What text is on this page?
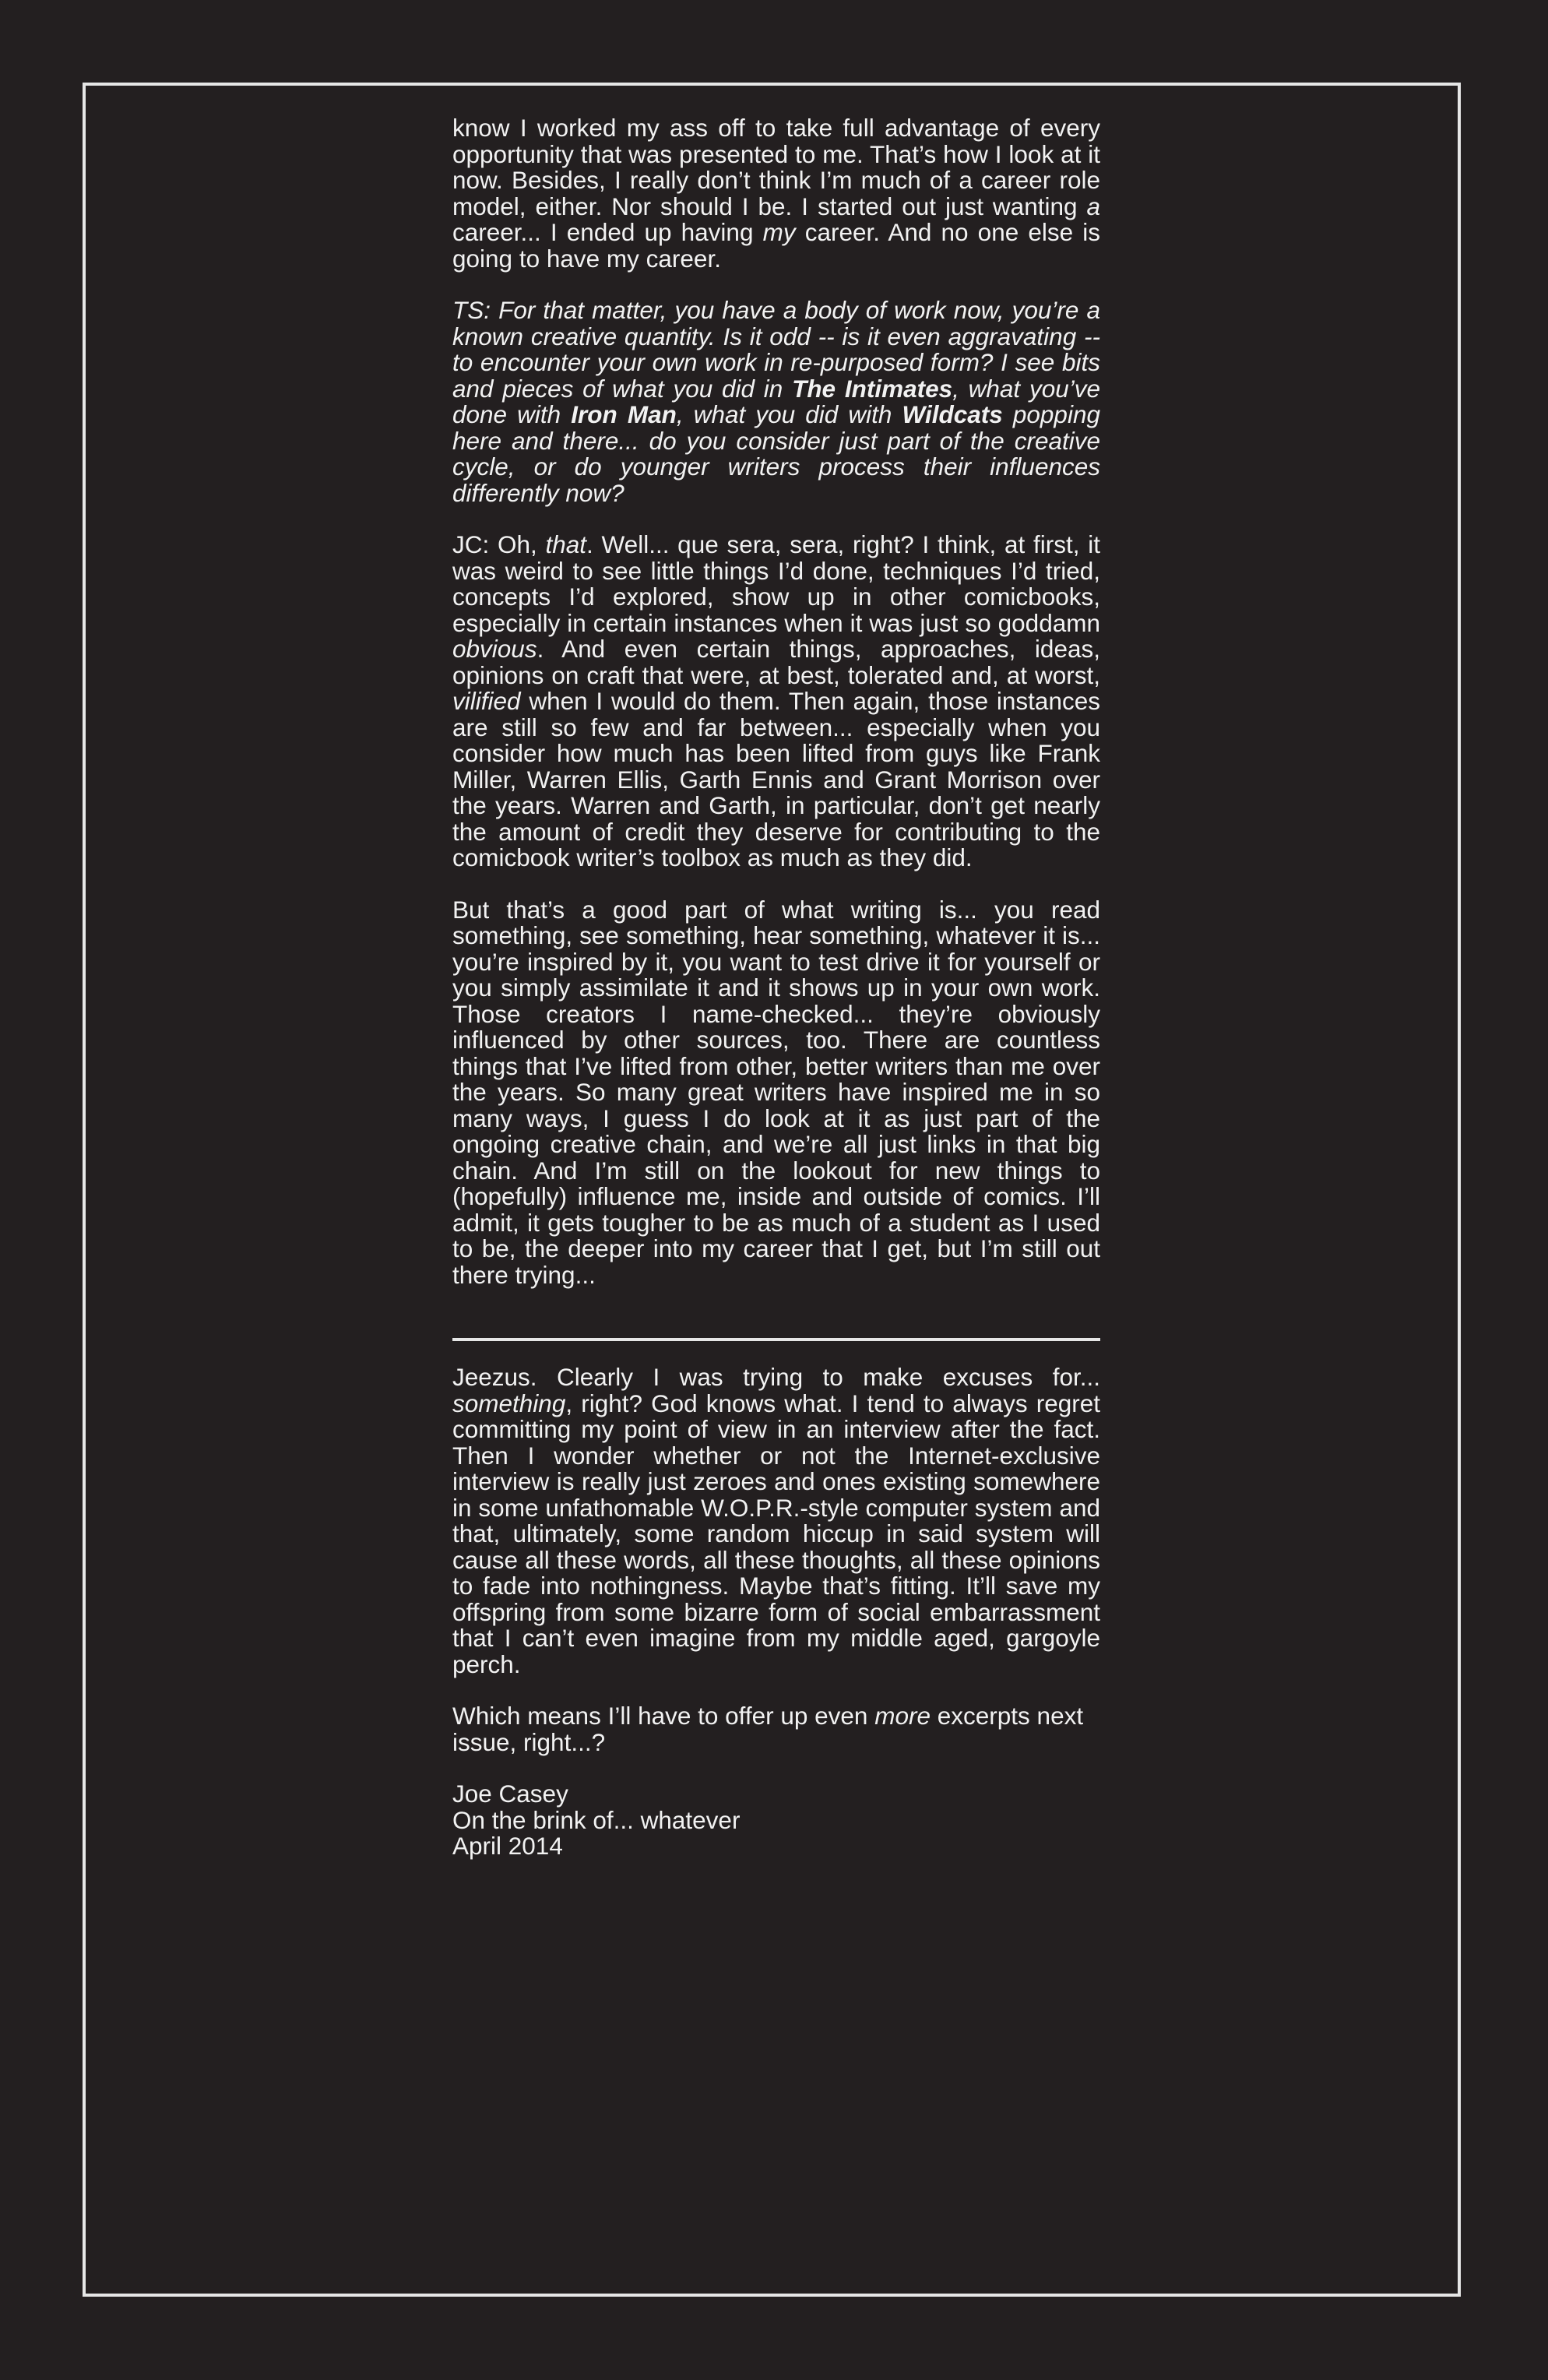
know I worked my ass off to take full advantage of every opportunity that was presented to me. That’s how I look at it now. Besides, I really don’t think I’m much of a career role model, either. Nor should I be. I started out just wanting a career... I ended up having my career. And no one else is going to have my career.

TS: For that matter, you have a body of work now, you’re a known creative quantity. Is it odd -- is it even aggravating -- to encounter your own work in re-purposed form? I see bits and pieces of what you did in The Intimates, what you’ve done with Iron Man, what you did with Wildcats popping here and there... do you consider just part of the creative cycle, or do younger writers process their influences differently now?

JC: Oh, that. Well... que sera, sera, right? I think, at first, it was weird to see little things I’d done, techniques I’d tried, concepts I’d explored, show up in other comicbooks, especially in certain instances when it was just so goddamn obvious. And even certain things, approaches, ideas, opinions on craft that were, at best, tolerated and, at worst, vilified when I would do them. Then again, those instances are still so few and far between... especially when you consider how much has been lifted from guys like Frank Miller, Warren Ellis, Garth Ennis and Grant Morrison over the years. Warren and Garth, in particular, don’t get nearly the amount of credit they deserve for contributing to the comicbook writer’s toolbox as much as they did.

But that’s a good part of what writing is... you read something, see something, hear something, whatever it is... you’re inspired by it, you want to test drive it for yourself or you simply assimilate it and it shows up in your own work. Those creators I name-checked... they’re obviously influenced by other sources, too. There are countless things that I’ve lifted from other, better writers than me over the years. So many great writers have inspired me in so many ways, I guess I do look at it as just part of the ongoing creative chain, and we’re all just links in that big chain. And I’m still on the lookout for new things to (hopefully) influence me, inside and outside of comics. I’ll admit, it gets tougher to be as much of a student as I used to be, the deeper into my career that I get, but I’m still out there trying...

Jeezus. Clearly I was trying to make excuses for... something, right? God knows what. I tend to always regret committing my point of view in an interview after the fact. Then I wonder whether or not the Internet-exclusive interview is really just zeroes and ones existing somewhere in some unfathomable W.O.P.R.-style computer system and that, ultimately, some random hiccup in said system will cause all these words, all these thoughts, all these opinions to fade into nothingness. Maybe that’s fitting. It’ll save my offspring from some bizarre form of social embarrassment that I can’t even imagine from my middle aged, gargoyle perch.

Which means I’ll have to offer up even more excerpts next issue, right...?

Joe Casey
On the brink of... whatever
April 2014
